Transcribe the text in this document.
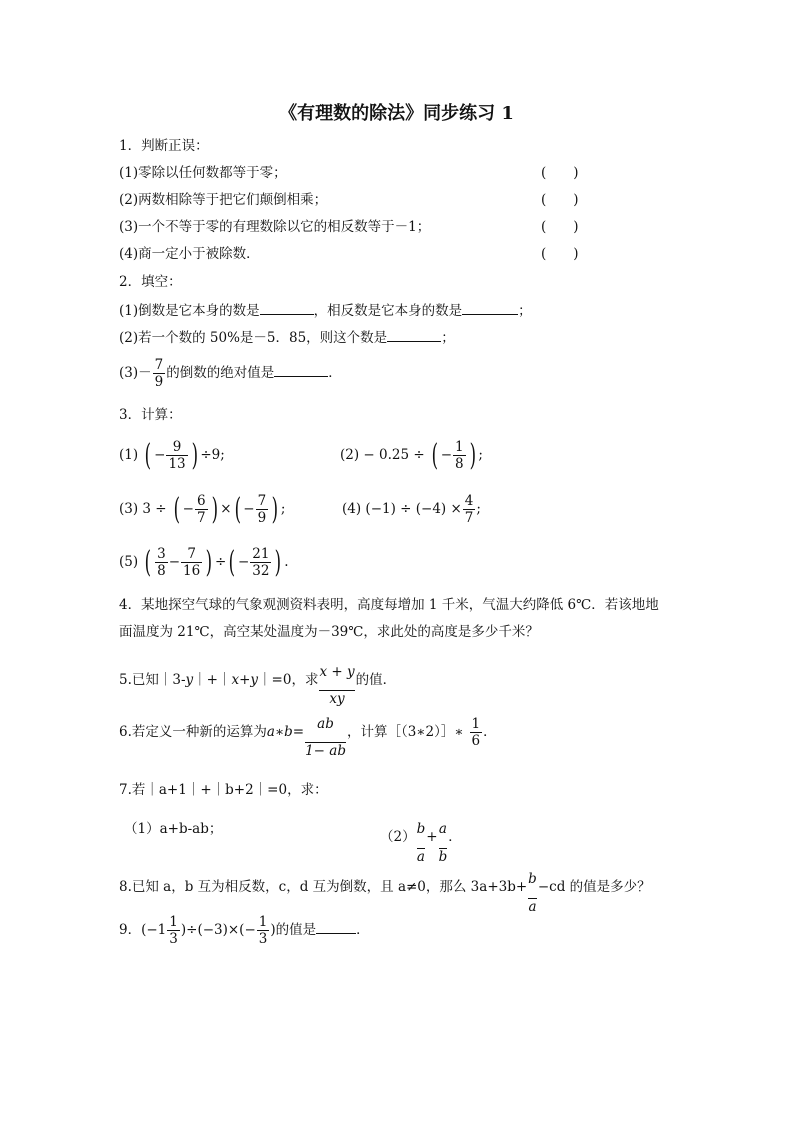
《有理数的除法》同步练习 1
1．判断正误：
(1)零除以任何数都等于零；	(　　)
(2)两数相除等于把它们颠倒相乘；	(　　)
(3)一个不等于零的有理数除以它的相反数等于－1；	(　　)
(4)商一定小于被除数．	(　　)
2．填空：
(1)倒数是它本身的数是	，相反数是它本身的数是	；
(2)若一个数的 50%是－5．85，则这个数是	；
$(3)- \frac{7}{9}$ 的倒数的绝对值是	．
3．计算：
(1) ( − $\frac{9}{13}$ ) ÷9;	(2) − 0.25 ÷ ( − $\frac{1}{8}$ ) ;
(3) 3 ÷ ( − $\frac{6}{7}$ ) ×( − $\frac{7}{9}$ ) ;	(4) $(-1) \div (-4) \times \frac{4}{7}$ ;
(5) ( $\frac{3}{8} - \frac{7}{16}$ ) ÷( − $\frac{21}{32}$ ) .
4．某地探空气球的气象观测资料表明，高度每增加 1 千米，气温大约降低 6℃．若该地地
面温度为 21℃，高空某处温度为－39℃，求此处的高度是多少千米？
5.已知｜3-y｜+｜x+y｜=0，求 $\frac{x + y}{xy}$ 的值．
6.若定义一种新的运算为a∗b= $\frac{ab}{1- ab}$ ，计算［（3∗2）］∗ $\frac{1}{6}$ ．
7.若｜a+1｜+｜b+2｜=0，求：
（1）a+b-ab；	$(2) \frac{b}{a} + \frac{a}{b}$ ．
8.已知 a，b 互为相反数，c，d 互为倒数，且 a≠0，那么 $3a+3b+ \frac{b}{a} -cd$ 的值是多少？
9．$(-1 \frac{1}{3} )\div(-3)\times(- \frac{1}{3}$ )的值是	．
